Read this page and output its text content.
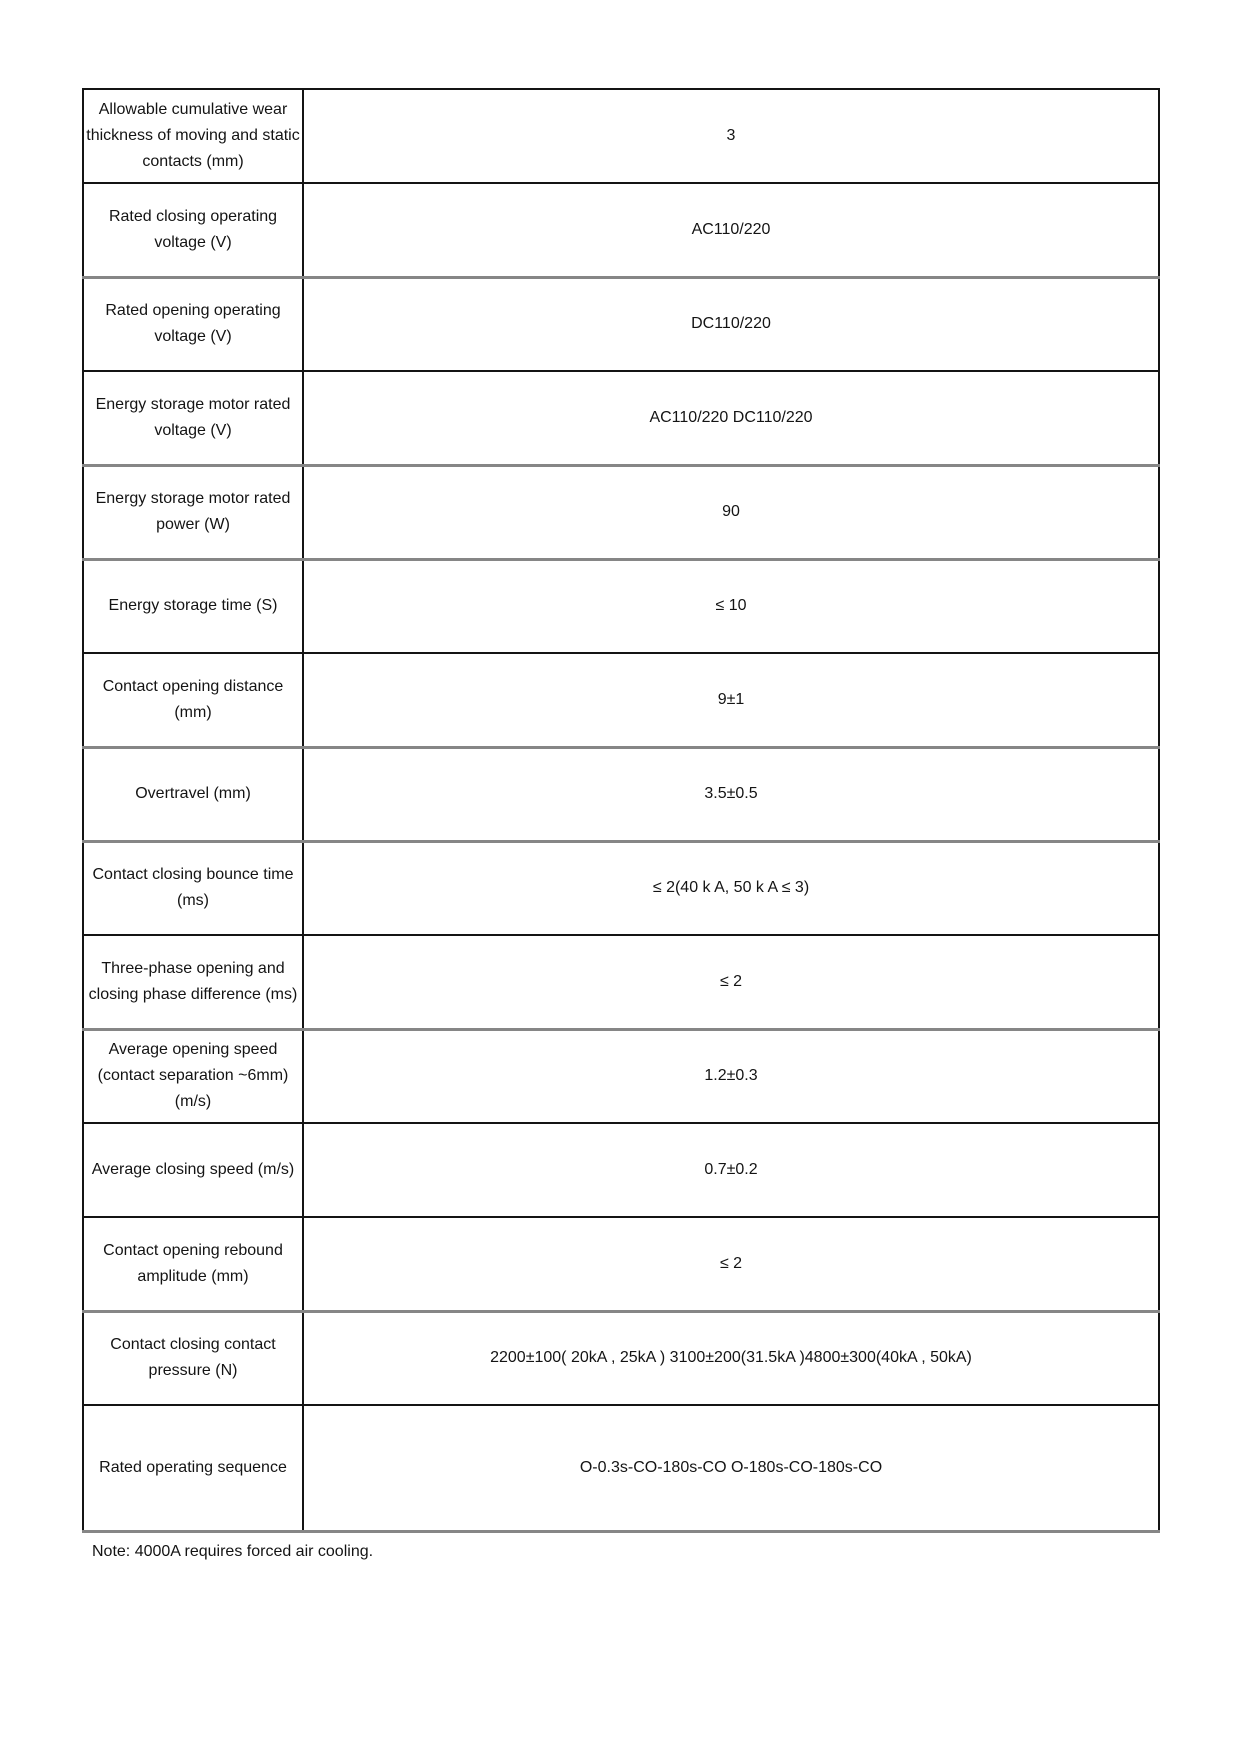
Allowable cumulative wear thickness of moving and static contacts (mm)	3
Rated closing operating voltage (V)	AC110/220
Rated opening operating voltage (V)	DC110/220
Energy storage motor rated voltage (V)	AC110/220 DC110/220
Energy storage motor rated power (W)	90
Energy storage time (S)	≤ 10
Contact opening distance (mm)	9±1
Overtravel (mm)	3.5±0.5
Contact closing bounce time (ms)	≤ 2(40 k A, 50 k A ≤ 3)
Three-phase opening and closing phase difference (ms)	≤ 2
Average opening speed (contact separation ~6mm) (m/s)	1.2±0.3
Average closing speed (m/s)	0.7±0.2
Contact opening rebound amplitude (mm)	≤ 2
Contact closing contact pressure (N)	2200±100( 20kA , 25kA ) 3100±200(31.5kA )4800±300(40kA , 50kA)
Rated operating sequence	O-0.3s-CO-180s-CO O-180s-CO-180s-CO

Note: 4000A requires forced air cooling.
